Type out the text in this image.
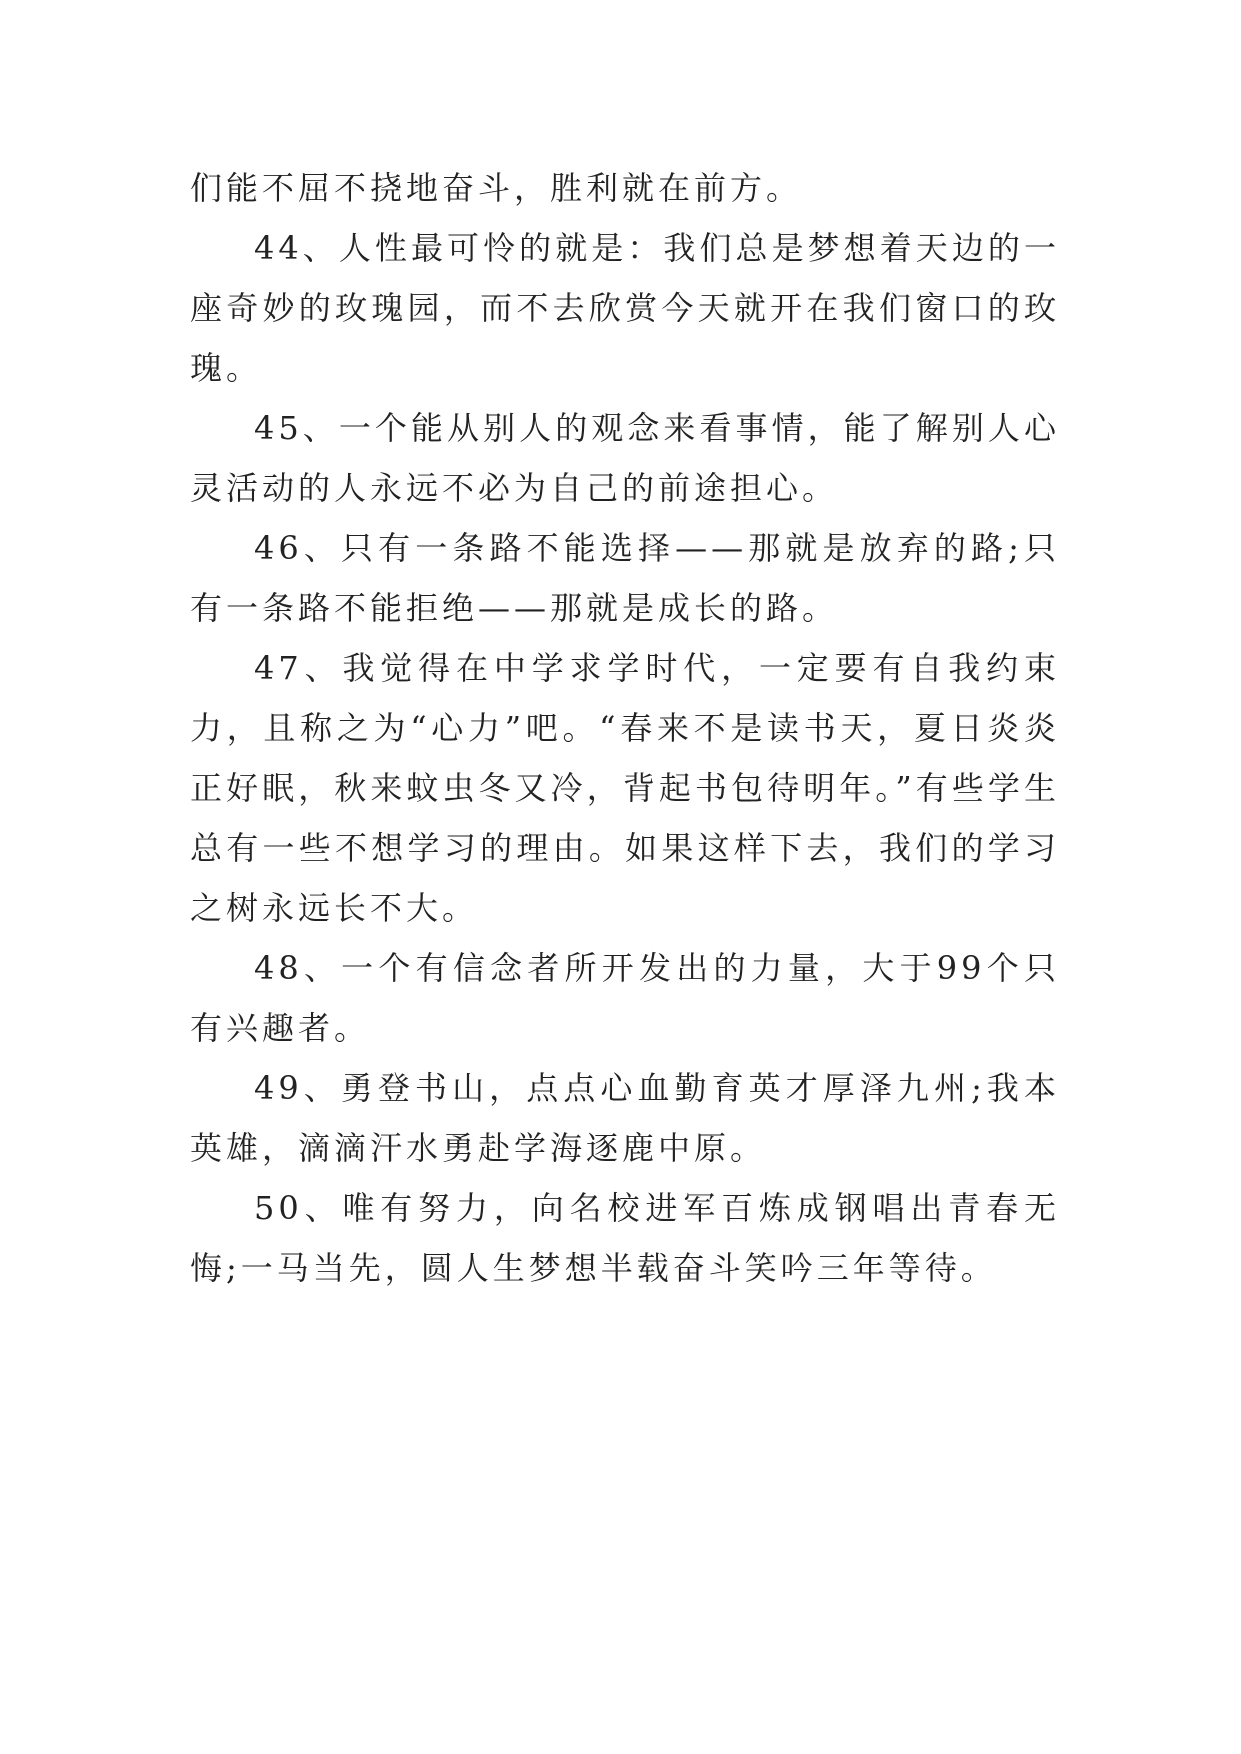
们能不屈不挠地奋斗，胜利就在前方。

44、人性最可怜的就是：我们总是梦想着天边的一座奇妙的玫瑰园，而不去欣赏今天就开在我们窗口的玫瑰。

45、一个能从别人的观念来看事情，能了解别人心灵活动的人永远不必为自己的前途担心。

46、只有一条路不能选择——那就是放弃的路;只有一条路不能拒绝——那就是成长的路。

47、我觉得在中学求学时代，一定要有自我约束力，且称之为“心力”吧。“春来不是读书天，夏日炎炎正好眠，秋来蚊虫冬又冷，背起书包待明年。”有些学生总有一些不想学习的理由。如果这样下去，我们的学习之树永远长不大。

48、一个有信念者所开发出的力量，大于99个只有兴趣者。

49、勇登书山，点点心血勤育英才厚泽九州;我本英雄，滴滴汗水勇赴学海逐鹿中原。

50、唯有努力，向名校进军百炼成钢唱出青春无悔;一马当先，圆人生梦想半载奋斗笑吟三年等待。
